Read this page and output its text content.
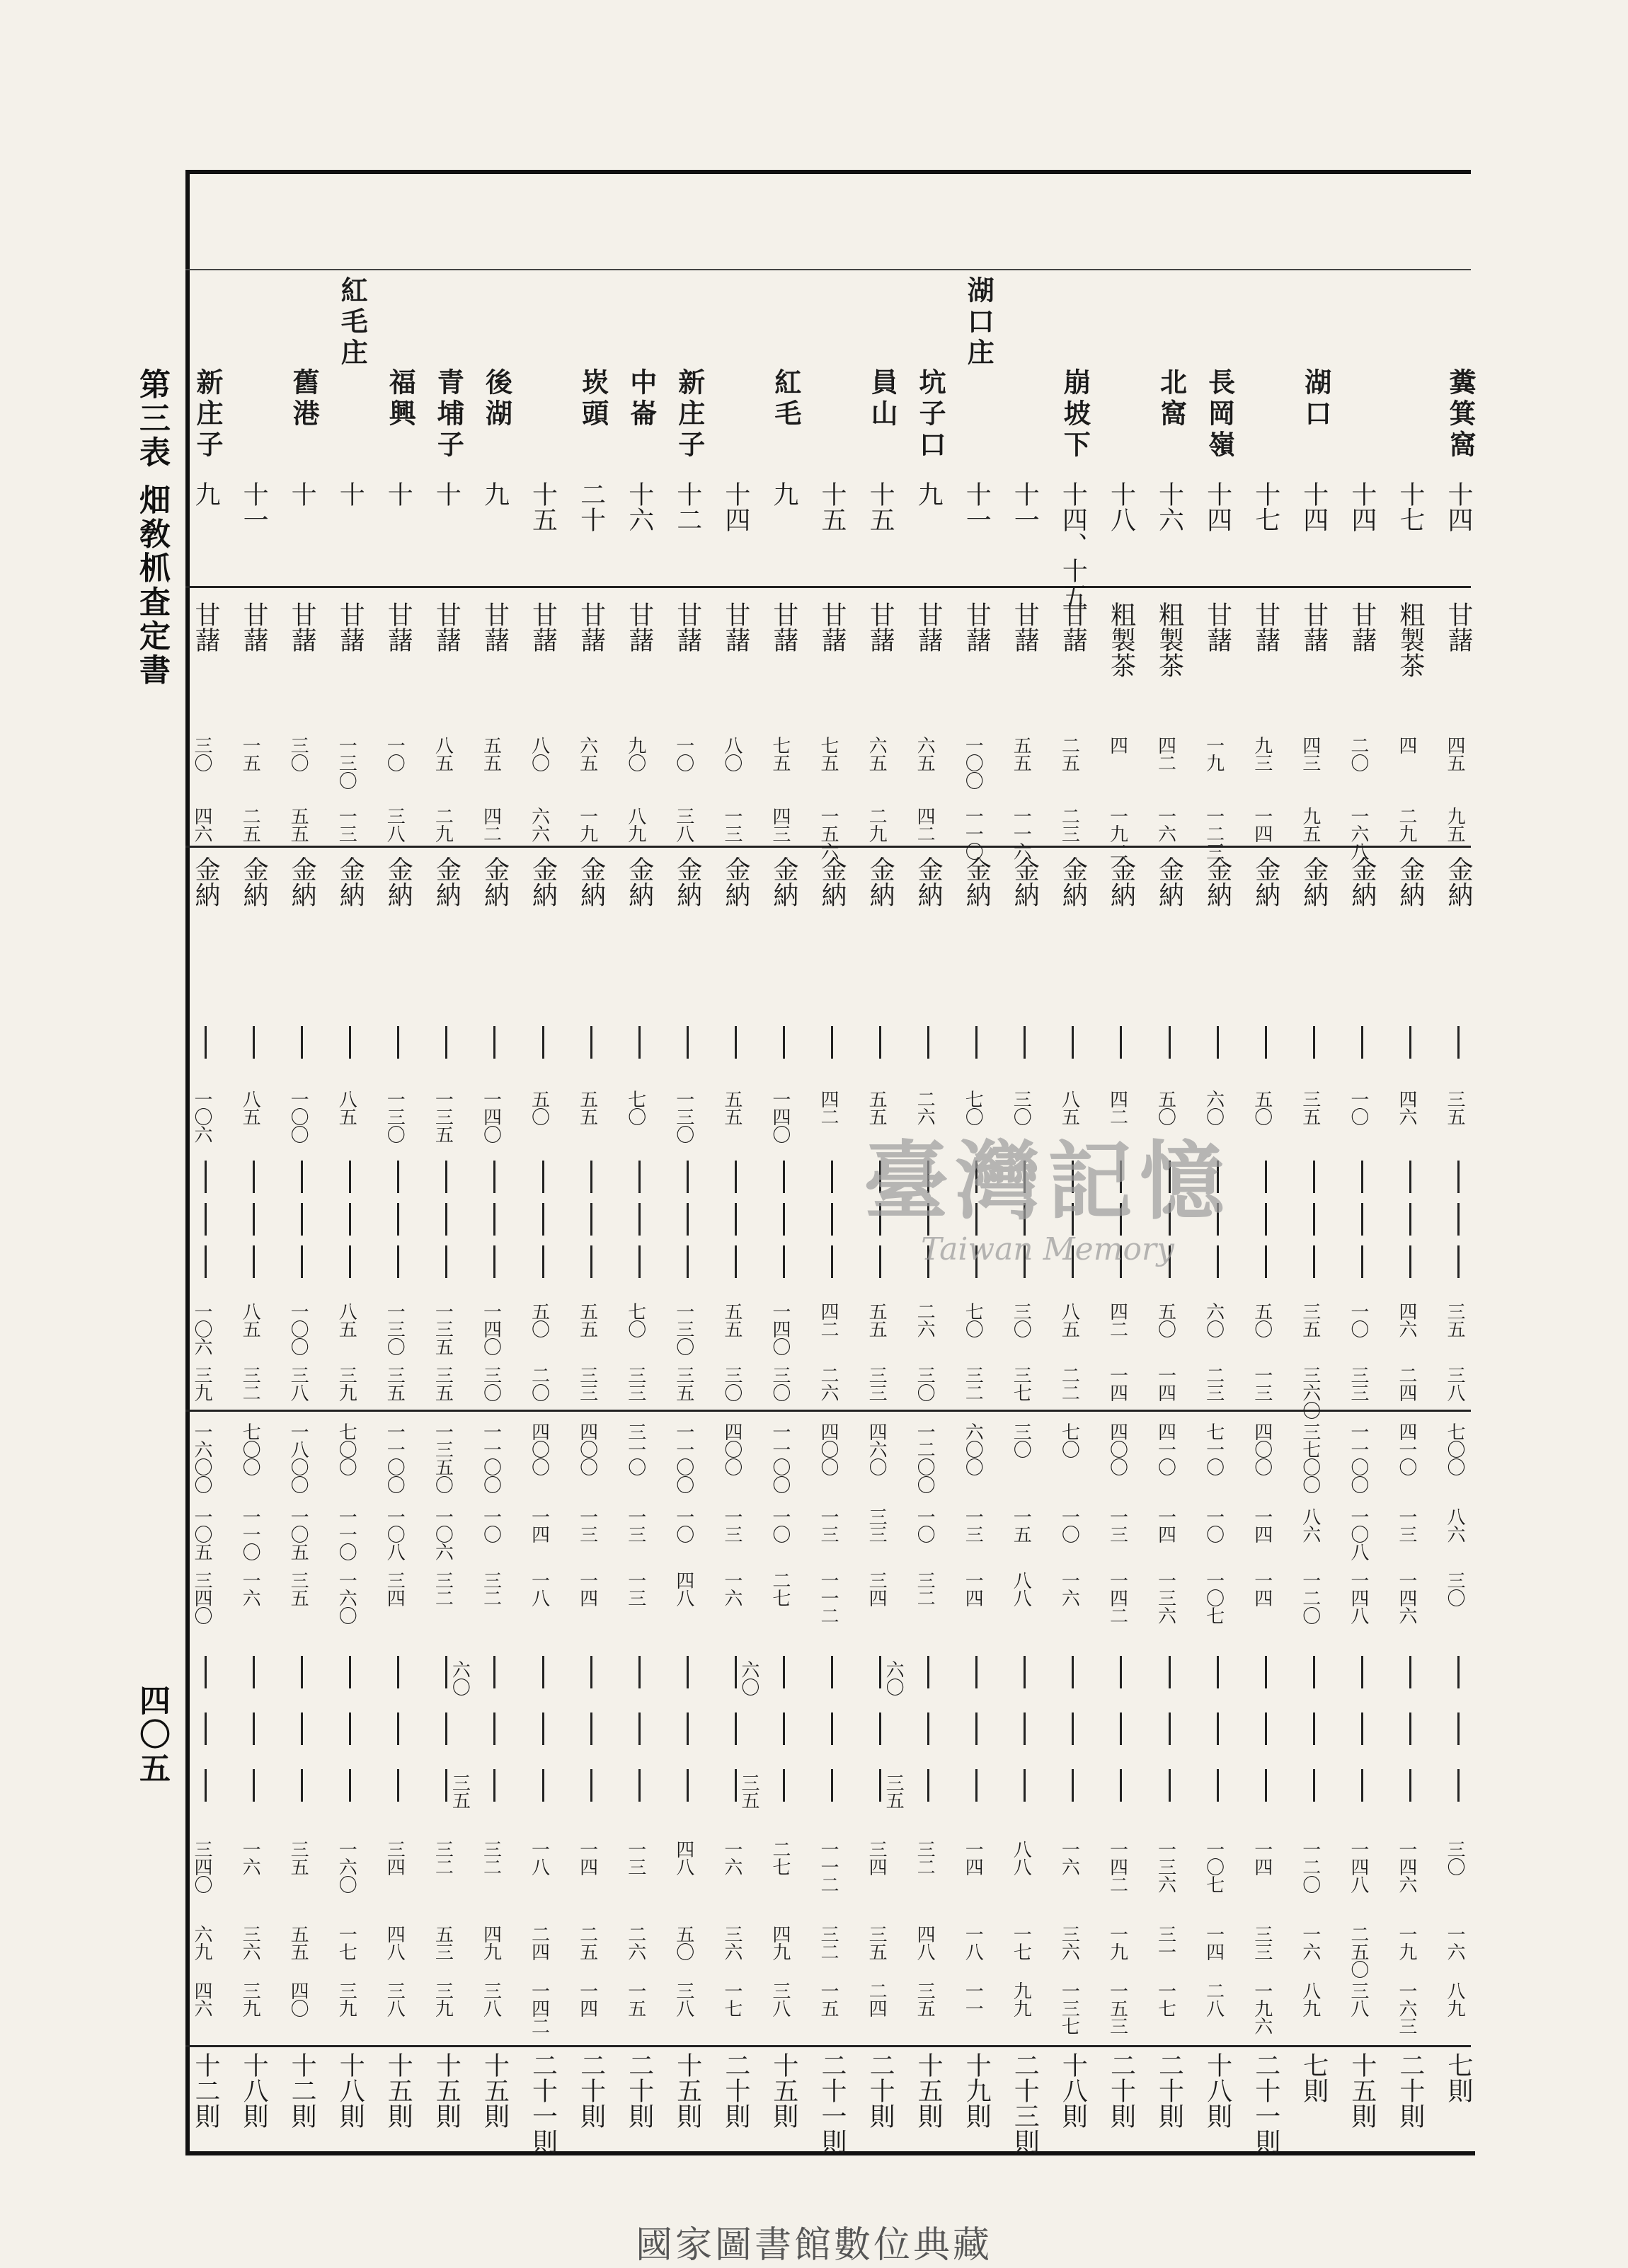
第三表 畑敎枛査定書
四〇五
湖口庄
紅毛庄
糞箕窩
十四
甘藷
四五
九五
金納
三五
三五
三八
七〇〇
八六
三〇
三〇
一六
八九
七則
十七
粗製茶
四
二九
金納
四六
四六
二四
四一〇
一三
一四六
一四六
一九
一六三
二十則
十四
甘藷
二〇
一六八
金納
一〇
一〇
三三
一一〇〇
一〇八
一四八
一四八
二五〇
三八
十五則
湖口
十四
甘藷
四三
九五
金納
三五
三五
三六〇
三七〇〇
八六
一二〇
一二〇
一六
八九
七則
十七
甘藷
九三
一四
金納
五〇
五〇
一三
四〇〇
一四
一四
一四
三三
一九六
二十一則
長岡嶺
十四
甘藷
一九
一二三
金納
六〇
六〇
二三
七一〇
一〇
一〇七
一〇七
一四
二八
十八則
北窩
十六
粗製茶
四二
一六
金納
五〇
五〇
一四
四一〇
一四
一三六
一三六
三一
一七
二十則
十八
粗製茶
四
一九二
金納
四二
四二
一四
四〇〇
一三
一四二
一四二
一九
一五三
二十則
崩坡下
十四、十五
甘藷
二五
二三
金納
八五
八五
二二
七〇
一〇
一六
一六
三六
一三七
十八則
十一
甘藷
五五
一一六
金納
三〇
三〇
三七
三〇
一五
八八
八八
一七
九九
二十三則
十一
甘藷
一〇〇
一一〇
金納
七〇
七〇
三二
六〇〇
一三
一四
一四
一八
一一
十九則
坑子口
九
甘藷
六五
四二
金納
二六
二六
三〇
一二〇〇
一〇
三二
三二
四八
三五
十五則
員山
十五
甘藷
六五
二九
金納
五五
五五
三三
四六〇
三三
三四
三四
三五
二四
二十則
十五
甘藷
七五
一五六
金納
四二
四二
二六
四〇〇
一三
一一二
一一二
三二
一五
二十一則
紅毛
九
甘藷
七五
四三
金納
一四〇
一四〇
三〇
一一〇〇
一〇
二七
二七
四九
三八
十五則
十四
甘藷
八〇
一三
金納
五五
五五
三〇
四〇〇
一三
一六
一六
三六
一七
二十則
新庄子
十二
甘藷
一〇
三八
金納
一三〇
一三〇
三五
一一〇〇
一〇
四八
四八
五〇
三八
十五則
中崙
十六
甘藷
九〇
八九
金納
七〇
七〇
三三
三一〇
一三
一三
一三
二六
一五
二十則
崁頭
二十
甘藷
六五
一九
金納
五五
五五
三三
四〇〇
一三
一四
一四
二五
一四
二十則
十五
甘藷
八〇
六六
金納
五〇
五〇
二〇
四〇〇
一四
一八
一八
二四
一四二
二十一則
後湖
九
甘藷
五五
四二
金納
一四〇
一四〇
三〇
一一〇〇
一〇
三二
三二
四九
三八
十五則
青埔子
十
甘藷
八五
二九
金納
一三五
一三五
三五
一三五〇
一〇六
三二
三二
五三
三九
十五則
福興
十
甘藷
一〇
三八
金納
一三〇
一三〇
三五
一一〇〇
一〇八
三四
三四
四八
三八
十五則
十
甘藷
一三〇
一三
金納
八五
八五
三九
七〇〇
一一〇
一六〇
一六〇
一七
三九
十八則
舊港
十
甘藷
三〇
五五
金納
一〇〇
一〇〇
三八
一八〇〇
一〇五
三五
三五
五五
四〇
十二則
十一
甘藷
一五
二五
金納
八五
八五
三二
七〇〇
一一〇
一六
一六
三六
三九
十八則
新庄子
九
甘藷
三〇
四六
金納
一〇六
一〇六
三九
一六〇〇
一〇五
三四〇
三四〇
六九
四六
十二則
六〇
三五
六〇
三五
六〇
三五
臺灣記憶
Taiwan Memory
國家圖書館數位典藏
